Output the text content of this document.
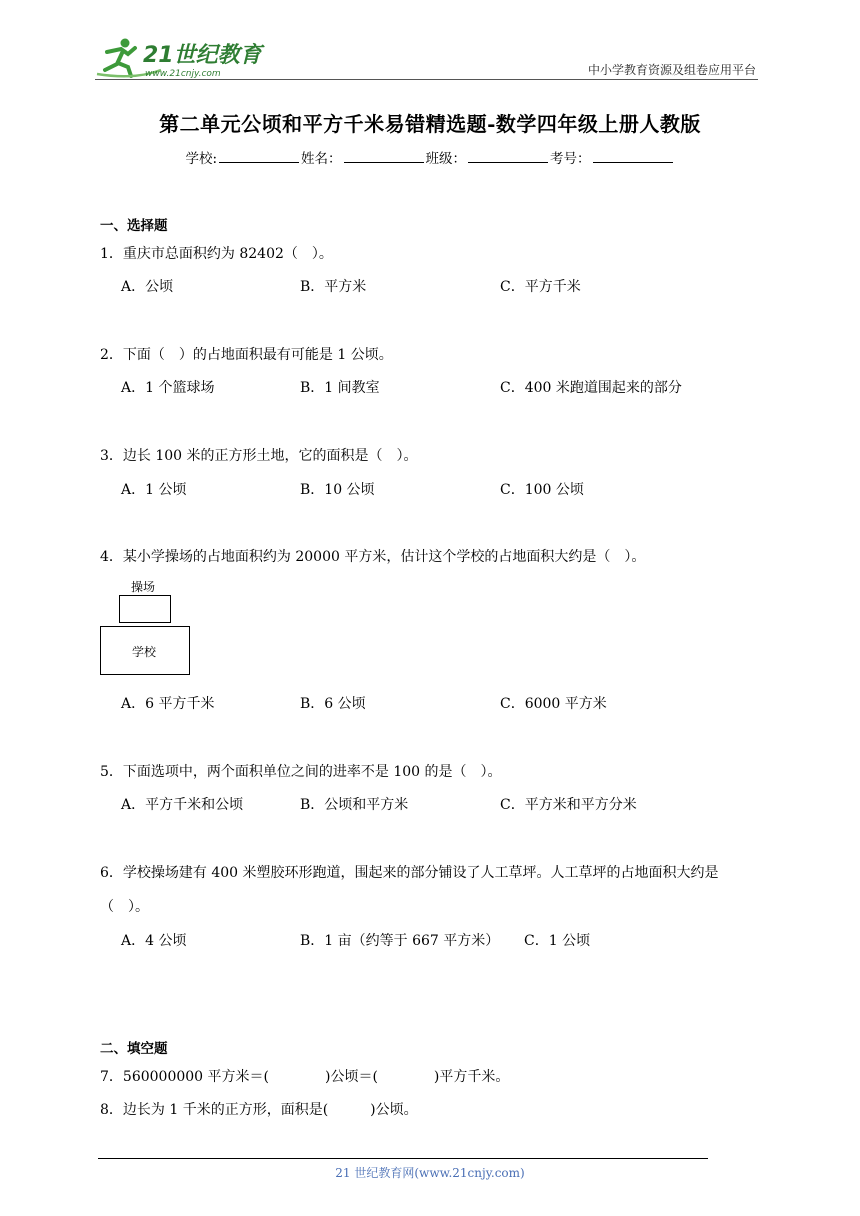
21世纪教育
www.21cnjy.com	中小学教育资源及组卷应用平台
第二单元公顷和平方千米易错精选题-数学四年级上册人教版
学校:	姓名：	班级：	考号：
一、选择题
1．重庆市总面积约为 82402（　）。
A．公顷	B．平方米	C．平方千米
2．下面（　）的占地面积最有可能是 1 公顷。
A．1 个篮球场	B．1 间教室	C．400 米跑道围起来的部分
3．边长 100 米的正方形土地，它的面积是（　）。
A．1 公顷	B．10 公顷	C．100 公顷
4．某小学操场的占地面积约为 20000 平方米，估计这个学校的占地面积大约是（　）。
操场
学校
A．6 平方千米	B．6 公顷	C．6000 平方米
5．下面选项中，两个面积单位之间的进率不是 100 的是（　）。
A．平方千米和公顷	B．公顷和平方米	C．平方米和平方分米
6．学校操场建有 400 米塑胶环形跑道，围起来的部分铺设了人工草坪。人工草坪的占地面积大约是
（　）。
A．4 公顷	B．1 亩（约等于 667 平方米） C．1 公顷
二、填空题
7．560000000 平方米＝(　　　　)公顷＝(　　　　)平方千米。
8．边长为 1 千米的正方形，面积是(　　　)公顷。
21 世纪教育网(www.21cnjy.com)
